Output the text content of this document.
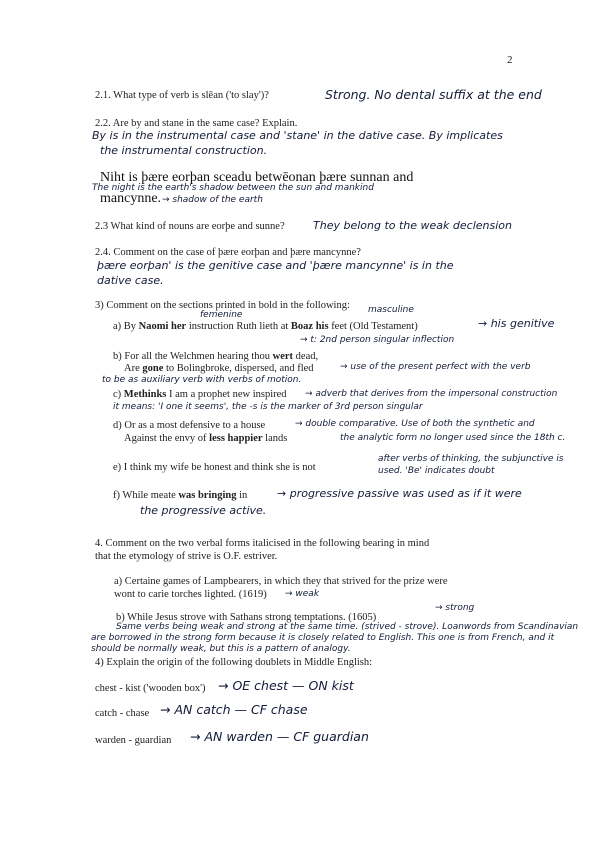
2
2.1. What type of verb is slēan ('to slay')?	Strong. No dental suffix at the end
2.2. Are by and stane in the same case? Explain.
By is in the instrumental case and 'stane' in the dative case. By implicates
the instrumental construction.
Niht is þære eorþan sceadu betwēonan þære sunnan and
The night is the earth's shadow between the sun and mankind
mancynne. → shadow of the earth
2.3 What kind of nouns are eorþe and sunne?	They belong to the weak declension
2.4. Comment on the case of þære eorþan and þære mancynne?
þære eorþan' is the genitive case and 'þære mancynne' is in the
dative case.
3) Comment on the sections printed in bold in the following:
femenine	masculine
a) By Naomi her instruction Ruth lieth at Boaz his feet (Old Testament)	→ his genitive
→ t: 2nd person singular inflection
b) For all the Welchmen hearing thou wert dead,
Are gone to Bolingbroke, dispersed, and fled	→ use of the present perfect with the verb
to be as auxiliary verb with verbs of motion.
c) Methinks I am a prophet new inspired → adverb that derives from the impersonal construction
it means: 'I one it seems', the -s is the marker of 3rd person singular
d) Or as a most defensive to a house	→ double comparative. Use of both the synthetic and
Against the envy of less happier lands	the analytic form no longer used since the 18th c.
e) I think my wife be honest and think she is not
after verbs of thinking, the subjunctive is
used. 'Be' indicates doubt
f) While meate was bringing in	→ progressive passive was used as if it were
the progressive active.
4. Comment on the two verbal forms italicised in the following bearing in mind
that the etymology of strive is O.F. estriver.
a) Certaine games of Lampbearers, in which they that strived for the prize were
wont to carie torches lighted. (1619) → weak
b) While Jesus strove with Sathans strong temptations. (1605)
→ strong
Same verbs being weak and strong at the same time. (strived - strove). Loanwords from Scandinavian
are borrowed in the strong form because it is closely related to English. This one is from French, and it
should be normally weak, but this is a pattern of analogy.
4) Explain the origin of the following doublets in Middle English:
chest - kist ('wooden box') → OE chest — ON kist
catch - chase → AN catch — CF chase
warden - guardian → AN warden — CF guardian
